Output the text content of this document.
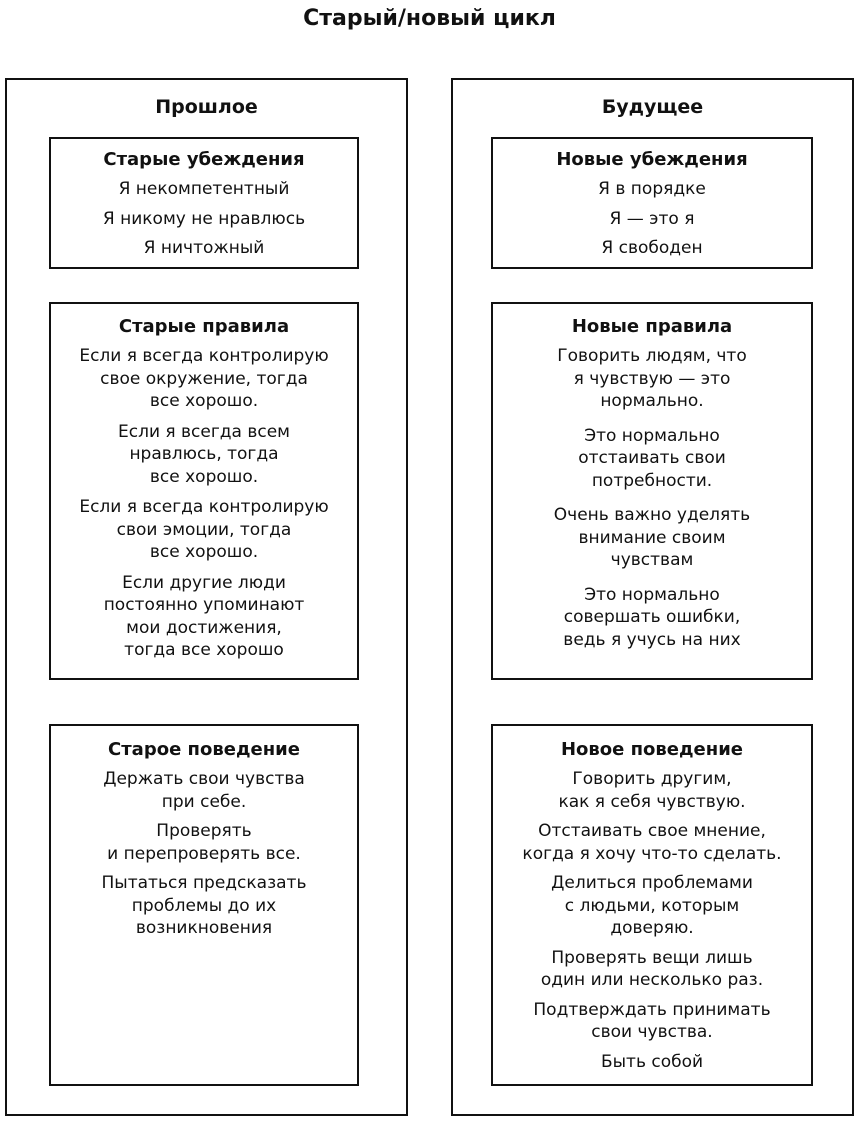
Старый/новый цикл
Прошлое
Старые убеждения
Я некомпетентный
Я никому не нравлюсь
Я ничтожный
Старые правила
Если я всегда контролирую
свое окружение, тогда
все хорошо.
Если я всегда всем
нравлюсь, тогда
все хорошо.
Если я всегда контролирую
свои эмоции, тогда
все хорошо.
Если другие люди
постоянно упоминают
мои достижения,
тогда все хорошо
Старое поведение
Держать свои чувства
при себе.
Проверять
и перепроверять все.
Пытаться предсказать
проблемы до их
возникновения
Будущее
Новые убеждения
Я в порядке
Я — это я
Я свободен
Новые правила
Говорить людям, что
я чувствую — это
нормально.
Это нормально
отстаивать свои
потребности.
Очень важно уделять
внимание своим
чувствам
Это нормально
совершать ошибки,
ведь я учусь на них
Новое поведение
Говорить другим,
как я себя чувствую.
Отстаивать свое мнение,
когда я хочу что-то сделать.
Делиться проблемами
с людьми, которым
доверяю.
Проверять вещи лишь
один или несколько раз.
Подтверждать принимать
свои чувства.
Быть собой
